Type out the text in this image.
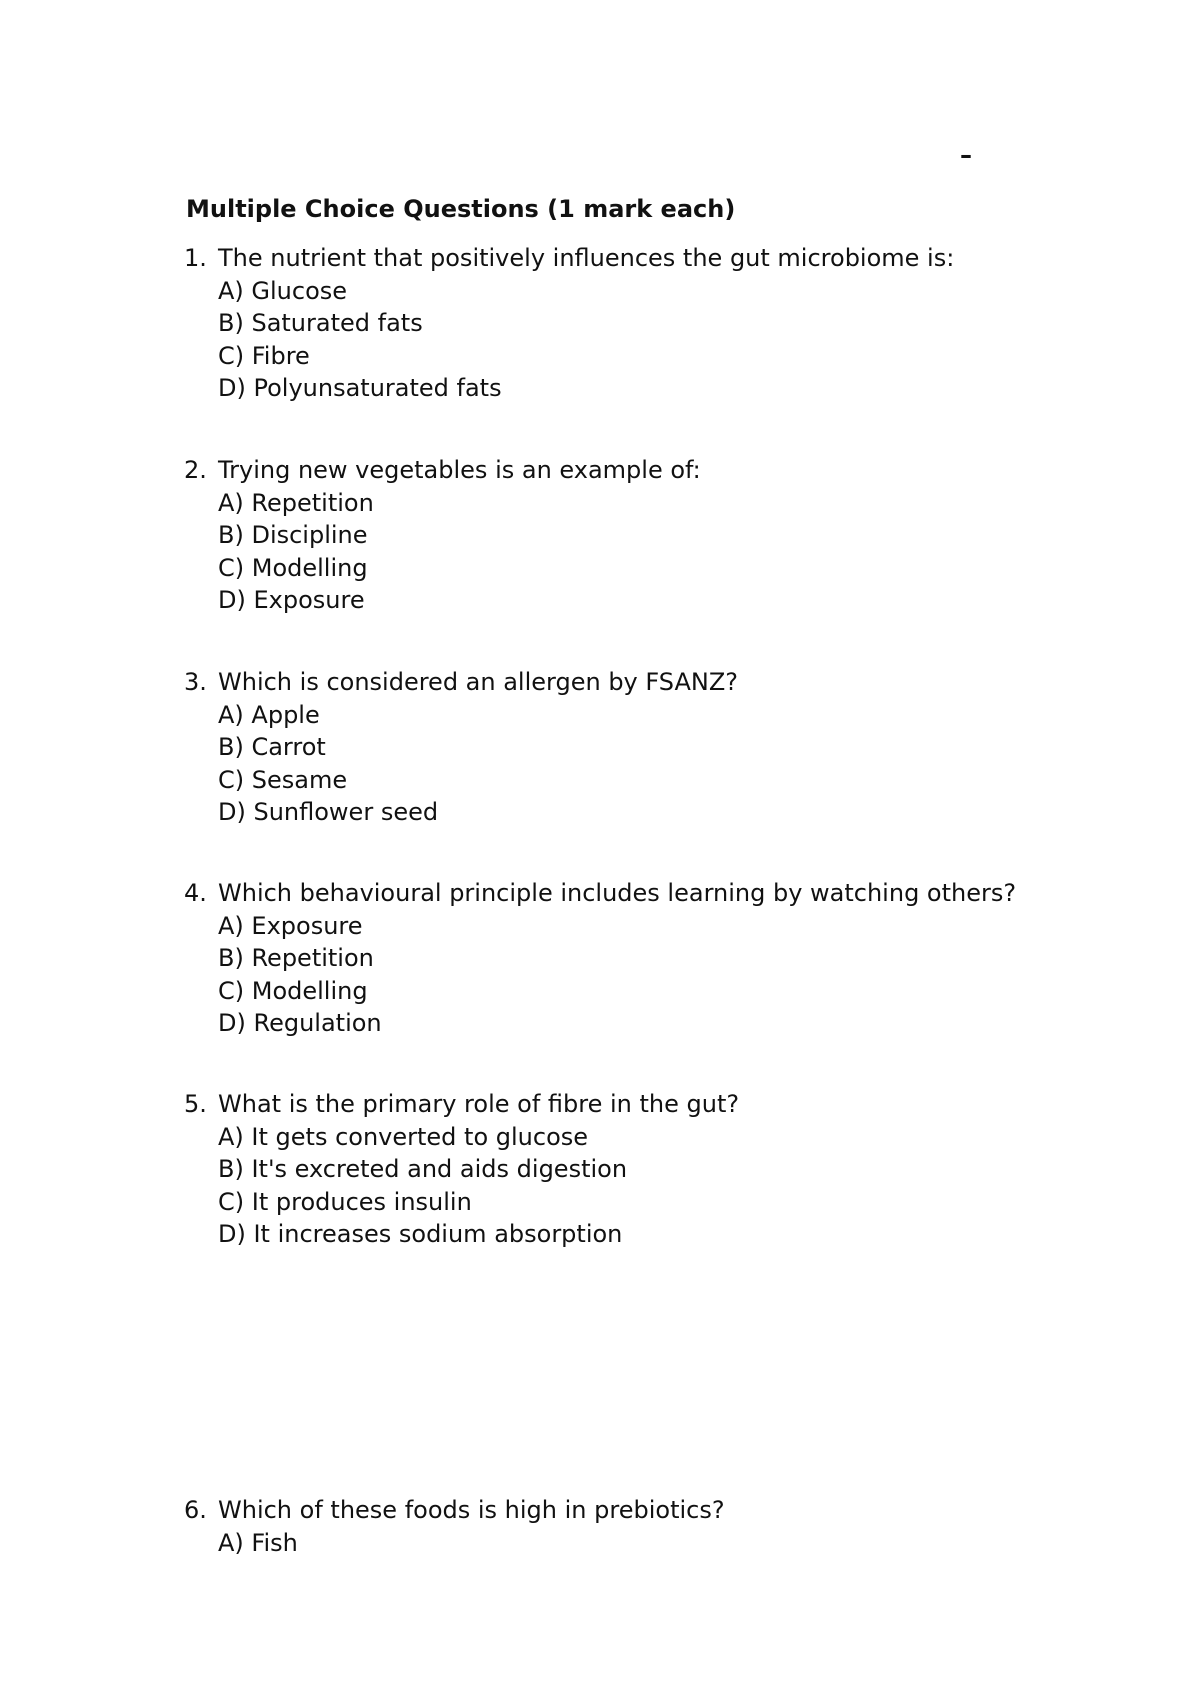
–
Multiple Choice Questions (1 mark each)
1. The nutrient that positively influences the gut microbiome is:
A) Glucose
B) Saturated fats
C) Fibre
D) Polyunsaturated fats
2. Trying new vegetables is an example of:
A) Repetition
B) Discipline
C) Modelling
D) Exposure
3. Which is considered an allergen by FSANZ?
A) Apple
B) Carrot
C) Sesame
D) Sunflower seed
4. Which behavioural principle includes learning by watching others?
A) Exposure
B) Repetition
C) Modelling
D) Regulation
5. What is the primary role of fibre in the gut?
A) It gets converted to glucose
B) It's excreted and aids digestion
C) It produces insulin
D) It increases sodium absorption
6. Which of these foods is high in prebiotics?
A) Fish
